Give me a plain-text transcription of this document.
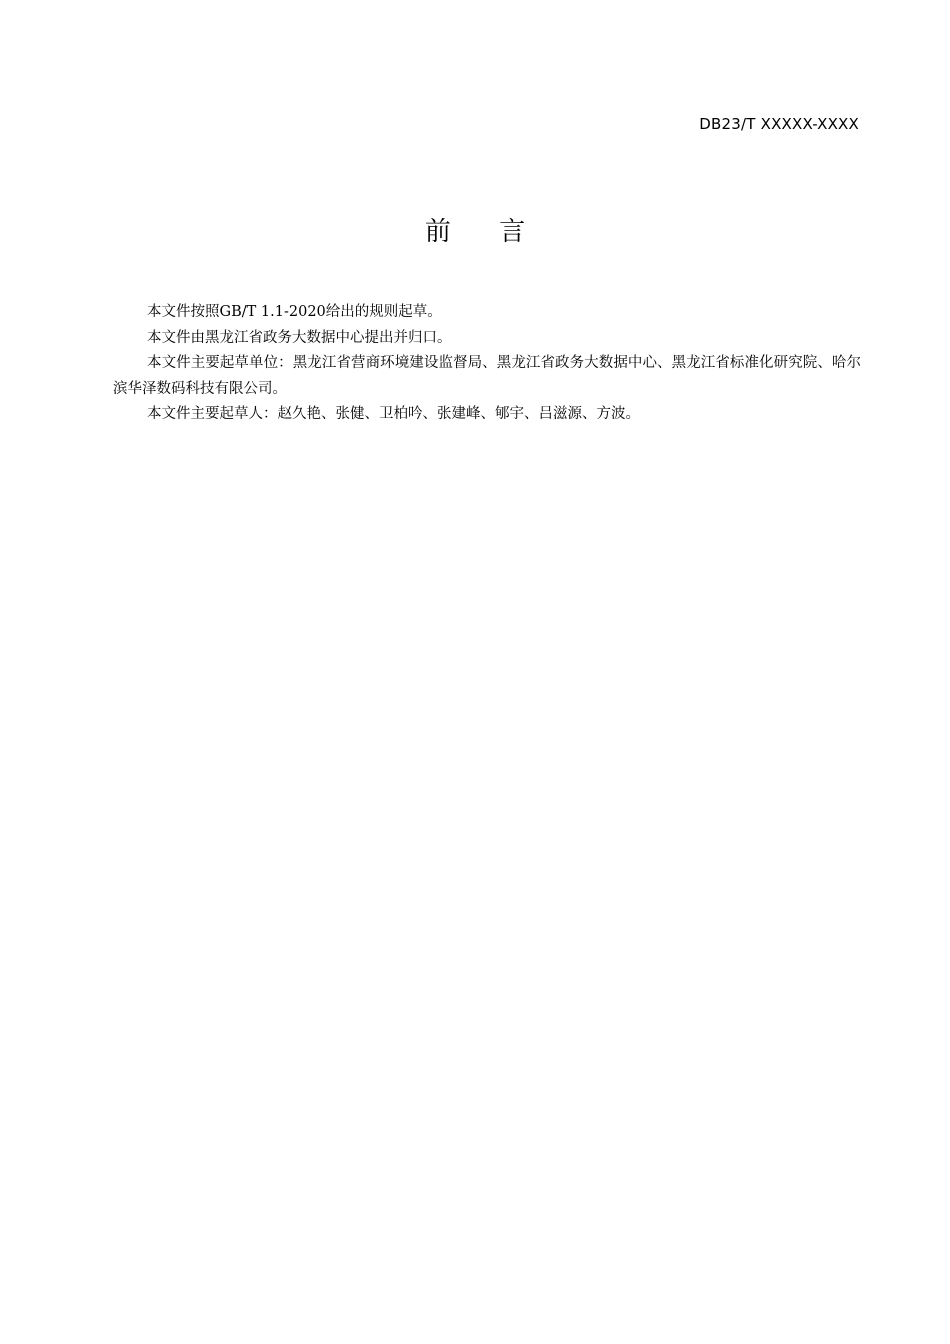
DB23/T XXXXX-XXXX
前 言

本文件按照GB/T 1.1-2020给出的规则起草。

本文件由黑龙江省政务大数据中心提出并归口。

本文件主要起草单位：黑龙江省营商环境建设监督局、黑龙江省政务大数据中心、黑龙江省标准化研究院、哈尔滨华泽数码科技有限公司。

本文件主要起草人：赵久艳、张健、卫柏吟、张建峰、郇宇、吕滋源、方波。
